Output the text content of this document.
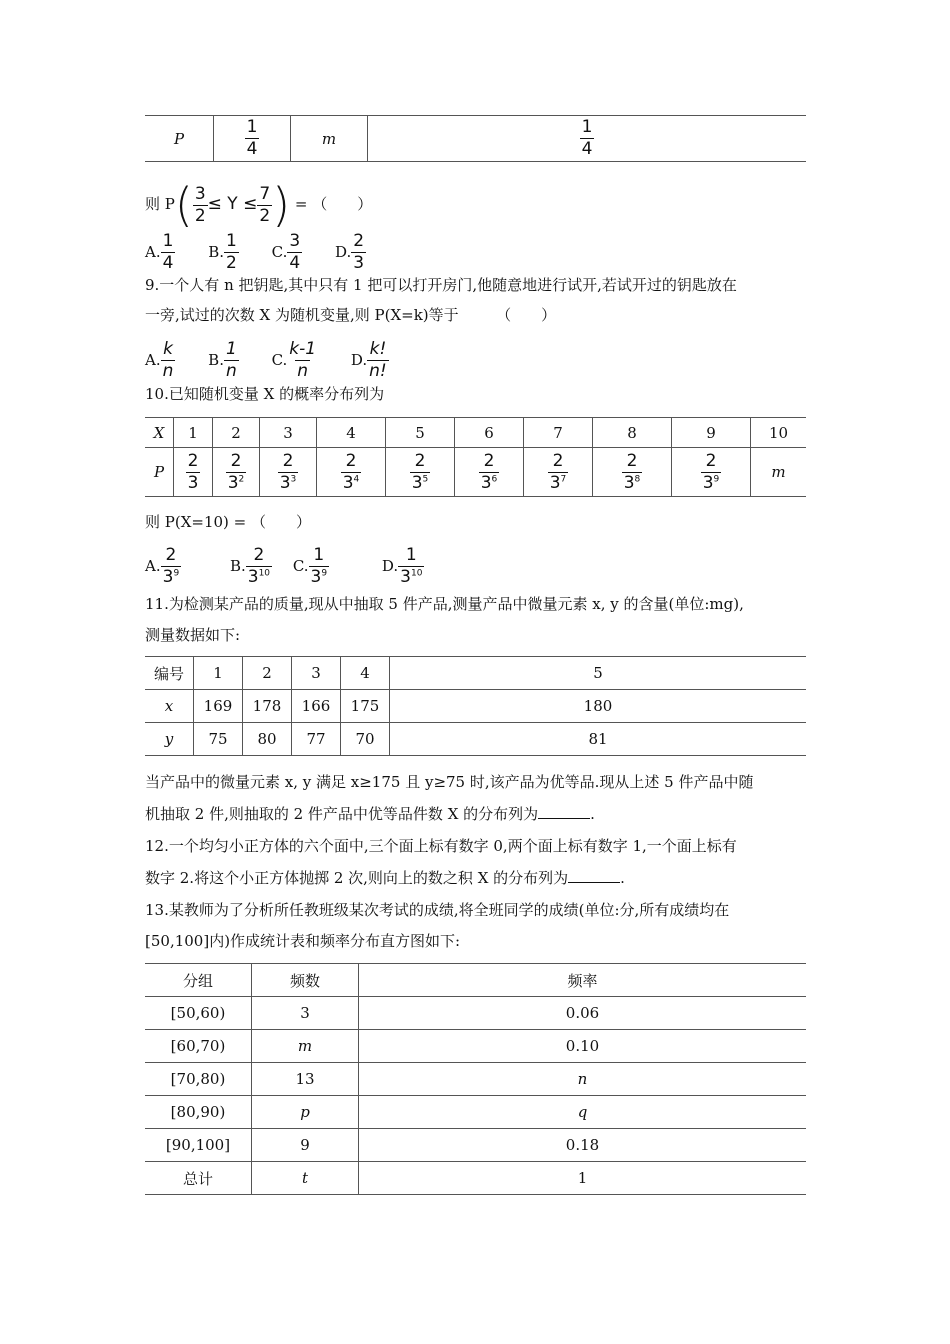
P	$\frac{1}{4}$	m	$\frac{1}{4}$
则 $P( \frac{3}{2} \le Y \le \frac{7}{2}$ ) = （　　）
A. $\frac{1}{4}$
B. $\frac{1}{2}$
C. $\frac{3}{4}$
D. $\frac{2}{3}$
9.一个人有 n 把钥匙,其中只有 1 把可以打开房门,他随意地进行试开,若试开过的钥匙放在
一旁,试过的次数 X 为随机变量,则 P(X=k)等于　　　（　　）
A. $\frac{k}{n}$
B. $\frac{1}{n}$
C. $\frac{k-1}{n}$
D. $\frac{k!}{n!}$
10.已知随机变量 X 的概率分布列为
X	1	2	3	4	5	6	7	8	9	10
P	$\frac{2}{3}$	$\frac{2}{3^2}$	$\frac{2}{3^3}$	$\frac{2}{3^4}$	$\frac{2}{3^5}$	$\frac{2}{3^6}$	$\frac{2}{3^7}$	$\frac{2}{3^8}$	$\frac{2}{3^9}$	m
则 P(X=10) = （　　）
A. $\frac{2}{3^9}$
	B. $\frac{2}{3^{10}}$
C. $\frac{1}{3^9}$
	D. $\frac{1}{3^{10}}$
11.为检测某产品的质量,现从中抽取 5 件产品,测量产品中微量元素 x, y 的含量(单位:mg),
测量数据如下:
编号	1	2	3	4	5
x	169	178	166	175	180
y	75	80	77	70	81
当产品中的微量元素 x, y 满足 x≥175 且 y≥75 时,该产品为优等品.现从上述 5 件产品中随
机抽取 2 件,则抽取的 2 件产品中优等品件数 X 的分布列为	.
12.一个均匀小正方体的六个面中,三个面上标有数字 0,两个面上标有数字 1,一个面上标有
数字 2.将这个小正方体抛掷 2 次,则向上的数之积 X 的分布列为	.
13.某教师为了分析所任教班级某次考试的成绩,将全班同学的成绩(单位:分,所有成绩均在
[50,100]内)作成统计表和频率分布直方图如下:
分组	频数	频率
[50,60)	3	0.06
[60,70)	m	0.10
[70,80)	13	n
[80,90)	p	q
[90,100]	9	0.18
总计	t	1
